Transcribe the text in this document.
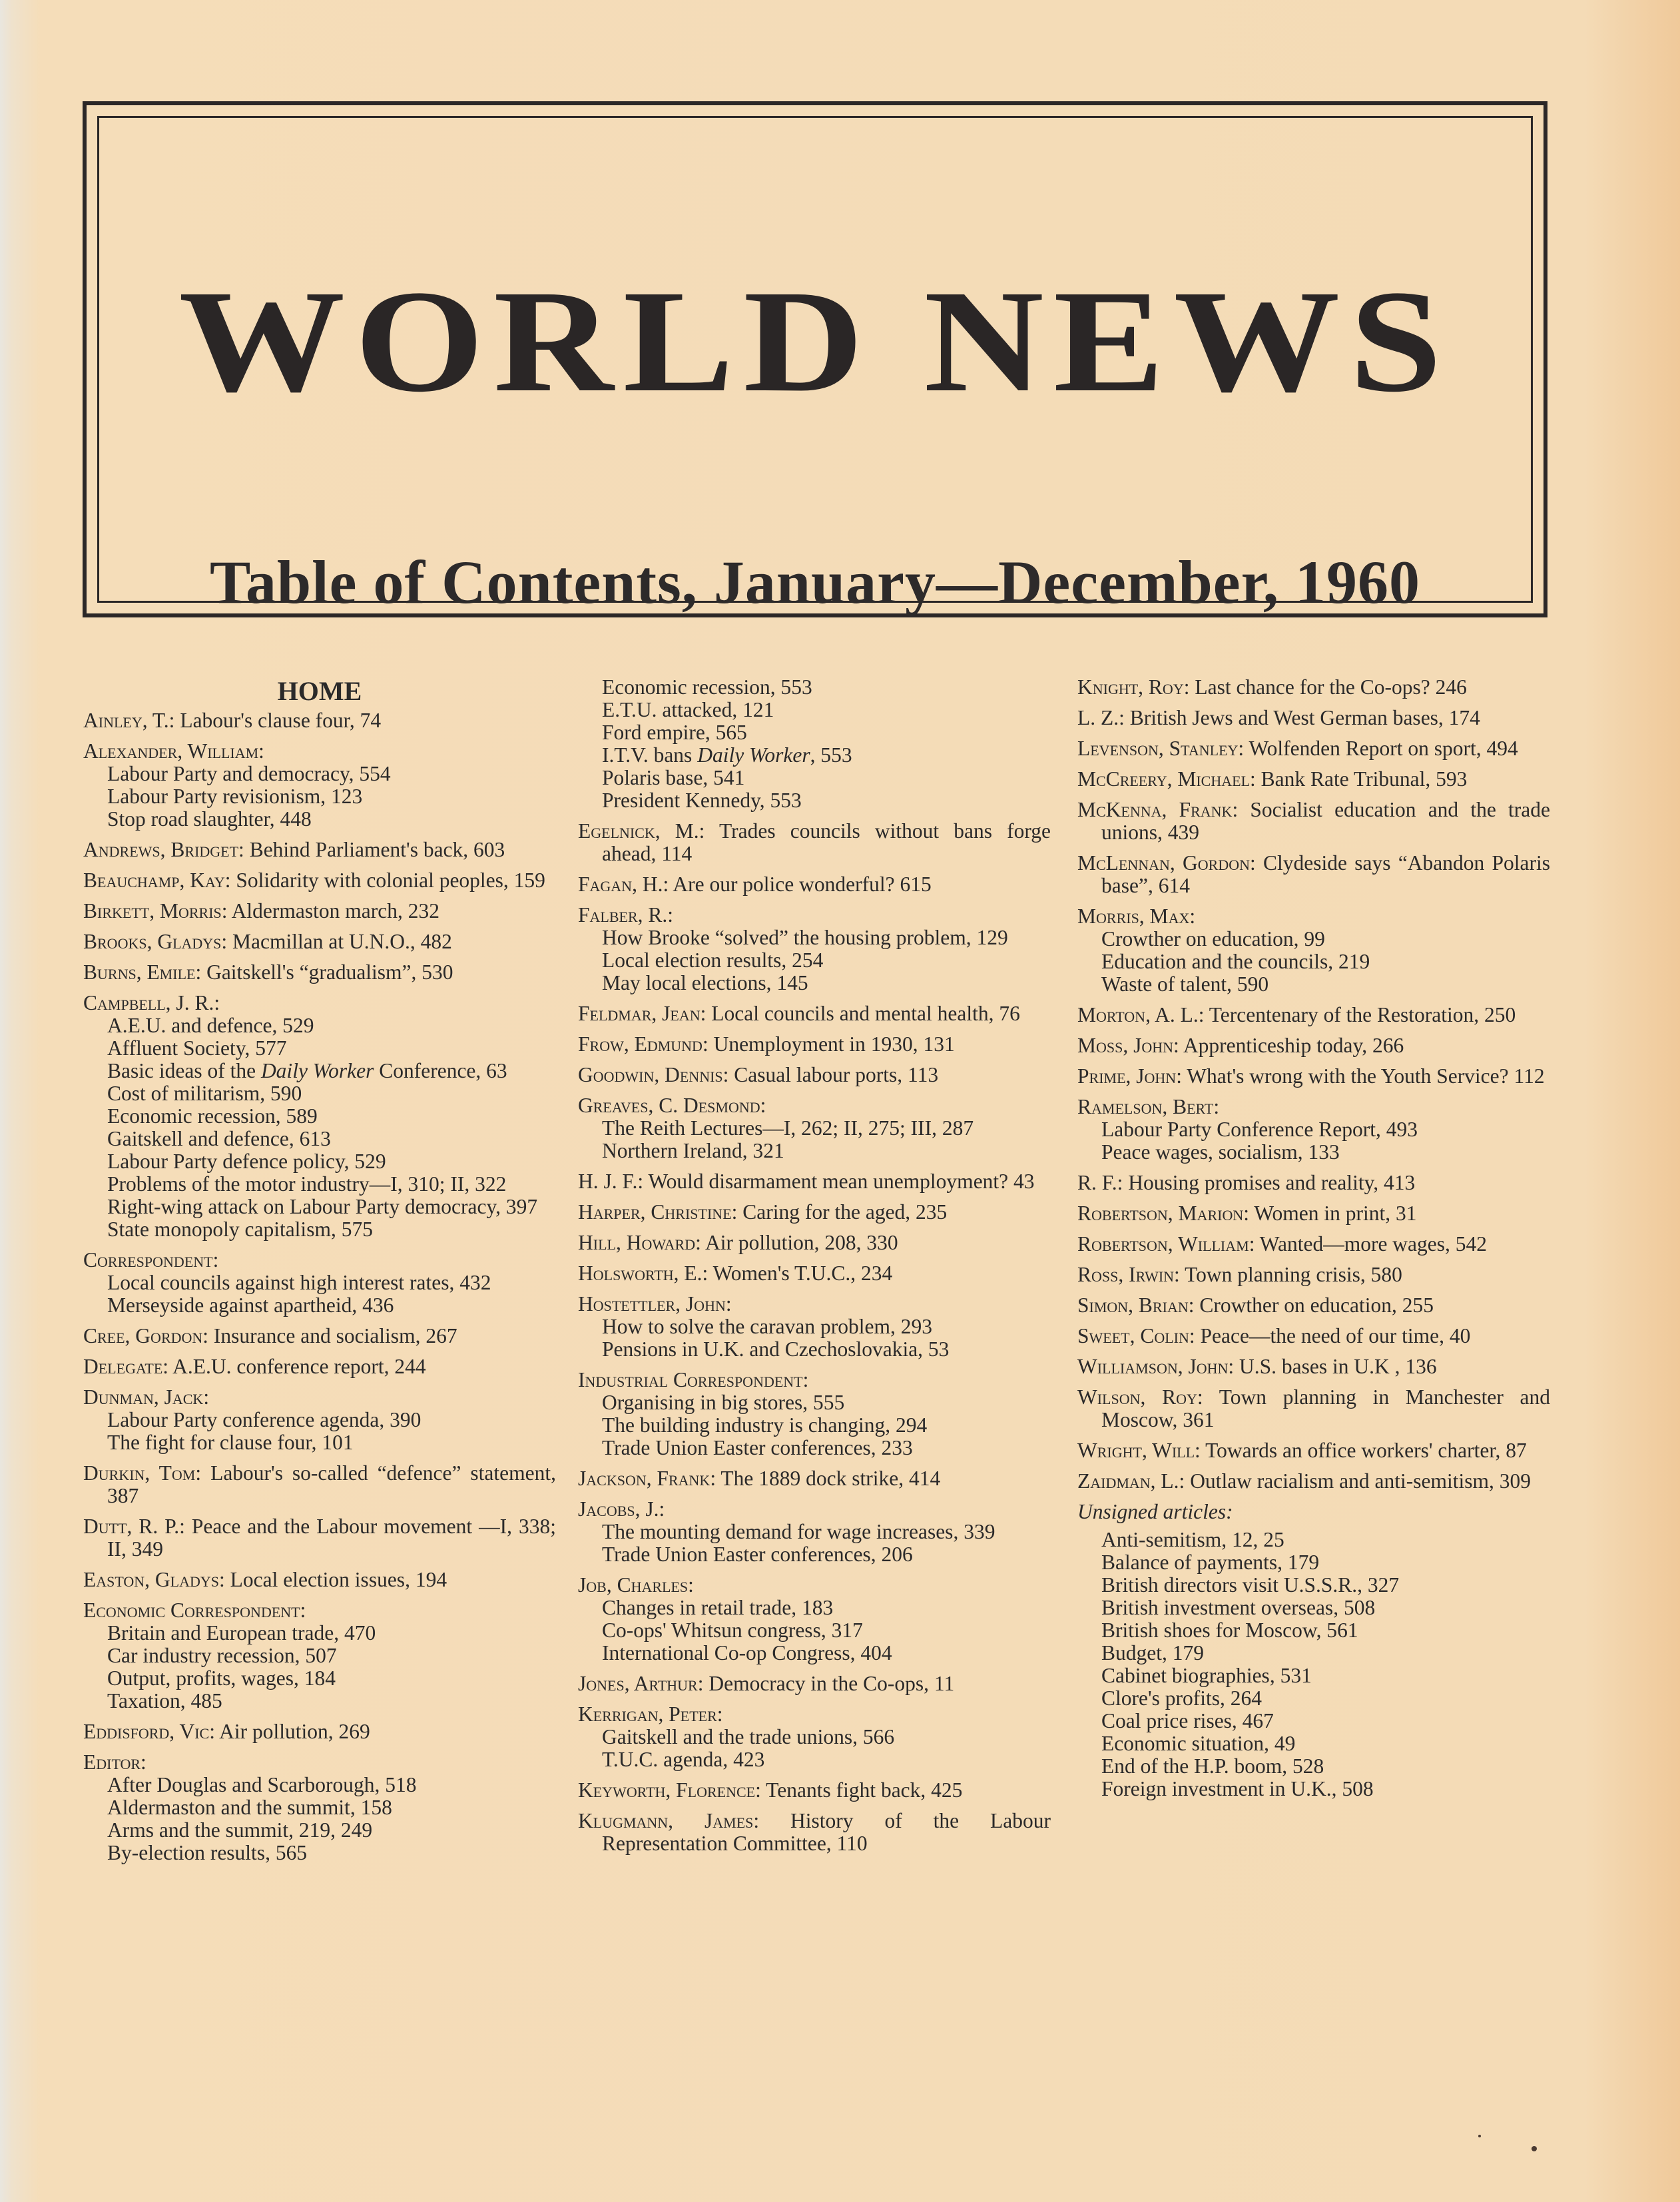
WORLD NEWS
Table of Contents, January—December, 1960
HOME
Ainley, T.: Labour's clause four, 74
Alexander, William:
Labour Party and democracy, 554
Labour Party revisionism, 123
Stop road slaughter, 448
Andrews, Bridget: Behind Parliament's back, 603
Beauchamp, Kay: Solidarity with colonial peoples, 159
Birkett, Morris: Aldermaston march, 232
Brooks, Gladys: Macmillan at U.N.O., 482
Burns, Emile: Gaitskell's “gradualism”, 530
Campbell, J. R.:
A.E.U. and defence, 529
Affluent Society, 577
Basic ideas of the Daily Worker Conference, 63
Cost of militarism, 590
Economic recession, 589
Gaitskell and defence, 613
Labour Party defence policy, 529
Problems of the motor industry—I, 310; II, 322
Right-wing attack on Labour Party democracy, 397
State monopoly capitalism, 575
Correspondent:
Local councils against high interest rates, 432
Merseyside against apartheid, 436
Cree, Gordon: Insurance and socialism, 267
Delegate: A.E.U. conference report, 244
Dunman, Jack:
Labour Party conference agenda, 390
The fight for clause four, 101
Durkin, Tom: Labour's so-called “defence” statement, 387
Dutt, R. P.: Peace and the Labour movement —I, 338; II, 349
Easton, Gladys: Local election issues, 194
Economic Correspondent:
Britain and European trade, 470
Car industry recession, 507
Output, profits, wages, 184
Taxation, 485
Eddisford, Vic: Air pollution, 269
Editor:
After Douglas and Scarborough, 518
Aldermaston and the summit, 158
Arms and the summit, 219, 249
By-election results, 565
Economic recession, 553
E.T.U. attacked, 121
Ford empire, 565
I.T.V. bans Daily Worker, 553
Polaris base, 541
President Kennedy, 553
Egelnick, M.: Trades councils without bans forge ahead, 114
Fagan, H.: Are our police wonderful? 615
Falber, R.:
How Brooke “solved” the housing problem, 129
Local election results, 254
May local elections, 145
Feldmar, Jean: Local councils and mental health, 76
Frow, Edmund: Unemployment in 1930, 131
Goodwin, Dennis: Casual labour ports, 113
Greaves, C. Desmond:
The Reith Lectures—I, 262; II, 275; III, 287
Northern Ireland, 321
H. J. F.: Would disarmament mean unemployment? 43
Harper, Christine: Caring for the aged, 235
Hill, Howard: Air pollution, 208, 330
Holsworth, E.: Women's T.U.C., 234
Hostettler, John:
How to solve the caravan problem, 293
Pensions in U.K. and Czechoslovakia, 53
Industrial Correspondent:
Organising in big stores, 555
The building industry is changing, 294
Trade Union Easter conferences, 233
Jackson, Frank: The 1889 dock strike, 414
Jacobs, J.:
The mounting demand for wage increases, 339
Trade Union Easter conferences, 206
Job, Charles:
Changes in retail trade, 183
Co-ops' Whitsun congress, 317
International Co-op Congress, 404
Jones, Arthur: Democracy in the Co-ops, 11
Kerrigan, Peter:
Gaitskell and the trade unions, 566
T.U.C. agenda, 423
Keyworth, Florence: Tenants fight back, 425
Klugmann, James: History of the Labour Representation Committee, 110
Knight, Roy: Last chance for the Co-ops? 246
L. Z.: British Jews and West German bases, 174
Levenson, Stanley: Wolfenden Report on sport, 494
McCreery, Michael: Bank Rate Tribunal, 593
McKenna, Frank: Socialist education and the trade unions, 439
McLennan, Gordon: Clydeside says “Abandon Polaris base”, 614
Morris, Max:
Crowther on education, 99
Education and the councils, 219
Waste of talent, 590
Morton, A. L.: Tercentenary of the Restoration, 250
Moss, John: Apprenticeship today, 266
Prime, John: What's wrong with the Youth Service? 112
Ramelson, Bert:
Labour Party Conference Report, 493
Peace wages, socialism, 133
R. F.: Housing promises and reality, 413
Robertson, Marion: Women in print, 31
Robertson, William: Wanted—more wages, 542
Ross, Irwin: Town planning crisis, 580
Simon, Brian: Crowther on education, 255
Sweet, Colin: Peace—the need of our time, 40
Williamson, John: U.S. bases in U.K , 136
Wilson, Roy: Town planning in Manchester and Moscow, 361
Wright, Will: Towards an office workers' charter, 87
Zaidman, L.: Outlaw racialism and anti-semitism, 309
Unsigned articles:
Anti-semitism, 12, 25
Balance of payments, 179
British directors visit U.S.S.R., 327
British investment overseas, 508
British shoes for Moscow, 561
Budget, 179
Cabinet biographies, 531
Clore's profits, 264
Coal price rises, 467
Economic situation, 49
End of the H.P. boom, 528
Foreign investment in U.K., 508
